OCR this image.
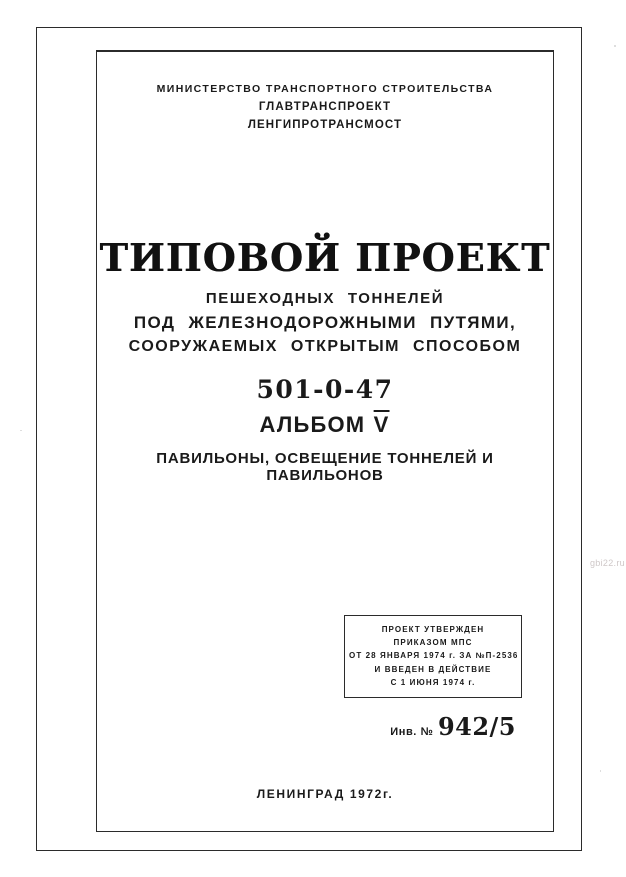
МИНИСТЕРСТВО ТРАНСПОРТНОГО СТРОИТЕЛЬСТВА
ГЛАВТРАНСПРОЕКТ
ЛЕНГИПРОТРАНСМОСТ
ТИПОВОЙ ПРОЕКТ
ПЕШЕХОДНЫХ ТОННЕЛЕЙ
ПОД ЖЕЛЕЗНОДОРОЖНЫМИ ПУТЯМИ,
СООРУЖАЕМЫХ ОТКРЫТЫМ СПОСОБОМ
501-0-47
АЛЬБОМ $\overline{V}$
ПАВИЛЬОНЫ, ОСВЕЩЕНИЕ ТОННЕЛЕЙ И ПАВИЛЬОНОВ
ПРОЕКТ УТВЕРЖДЕН
ПРИКАЗОМ МПС
ОТ 28 ЯНВАРЯ 1974 г. ЗА №П-2536
И ВВЕДЕН В ДЕЙСТВИЕ
С 1 ИЮНЯ 1974 г.
Инв. № 942/5
ЛЕНИНГРАД 1972г.
gbi22.ru
